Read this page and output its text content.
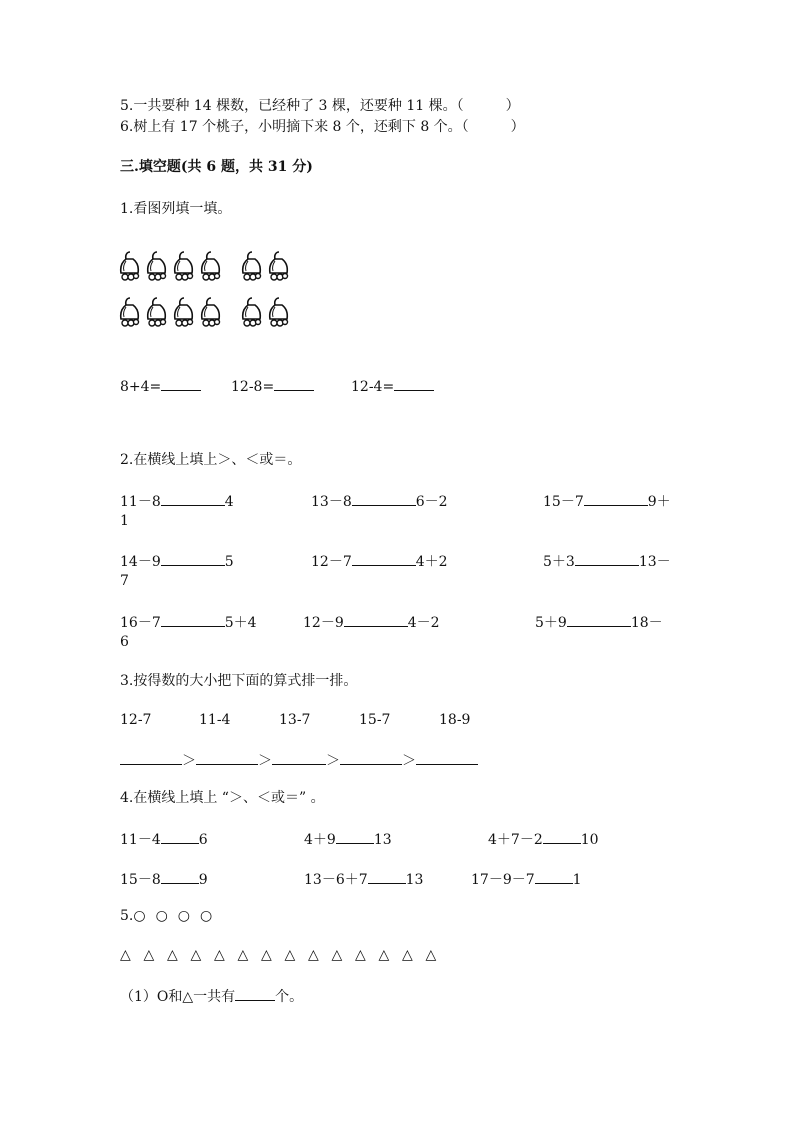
5.一共要种 14 棵数，已经种了 3 棵，还要种 11 棵。（　　　）
6.树上有 17 个桃子，小明摘下来 8 个，还剩下 8 个。（　　　）
三.填空题(共 6 题，共 31 分)
1.看图列填一填。
8+4=	12-8=	12-4=
2.在横线上填上＞、＜或＝。
11－8	4	13－8	6－2	15－7	9＋
1
14－9	5	12－7	4＋2	5＋3	13－
7
16－7	5＋4	12－9	4－2	5＋9	18－
6
3.按得数的大小把下面的算式排一排。
12-7	11-4	13-7	15-7	18-9
＞	＞	＞	＞
4.在横线上填上 “＞、＜或＝” 。
11－4	6	4＋9	13	4＋7－2	10
15－8	9	13－6＋7	13	17－9－7	1
5.○ ○ ○ ○
△ △ △ △ △ △ △ △ △ △ △ △ △ △
（1）O和△一共有	个。
